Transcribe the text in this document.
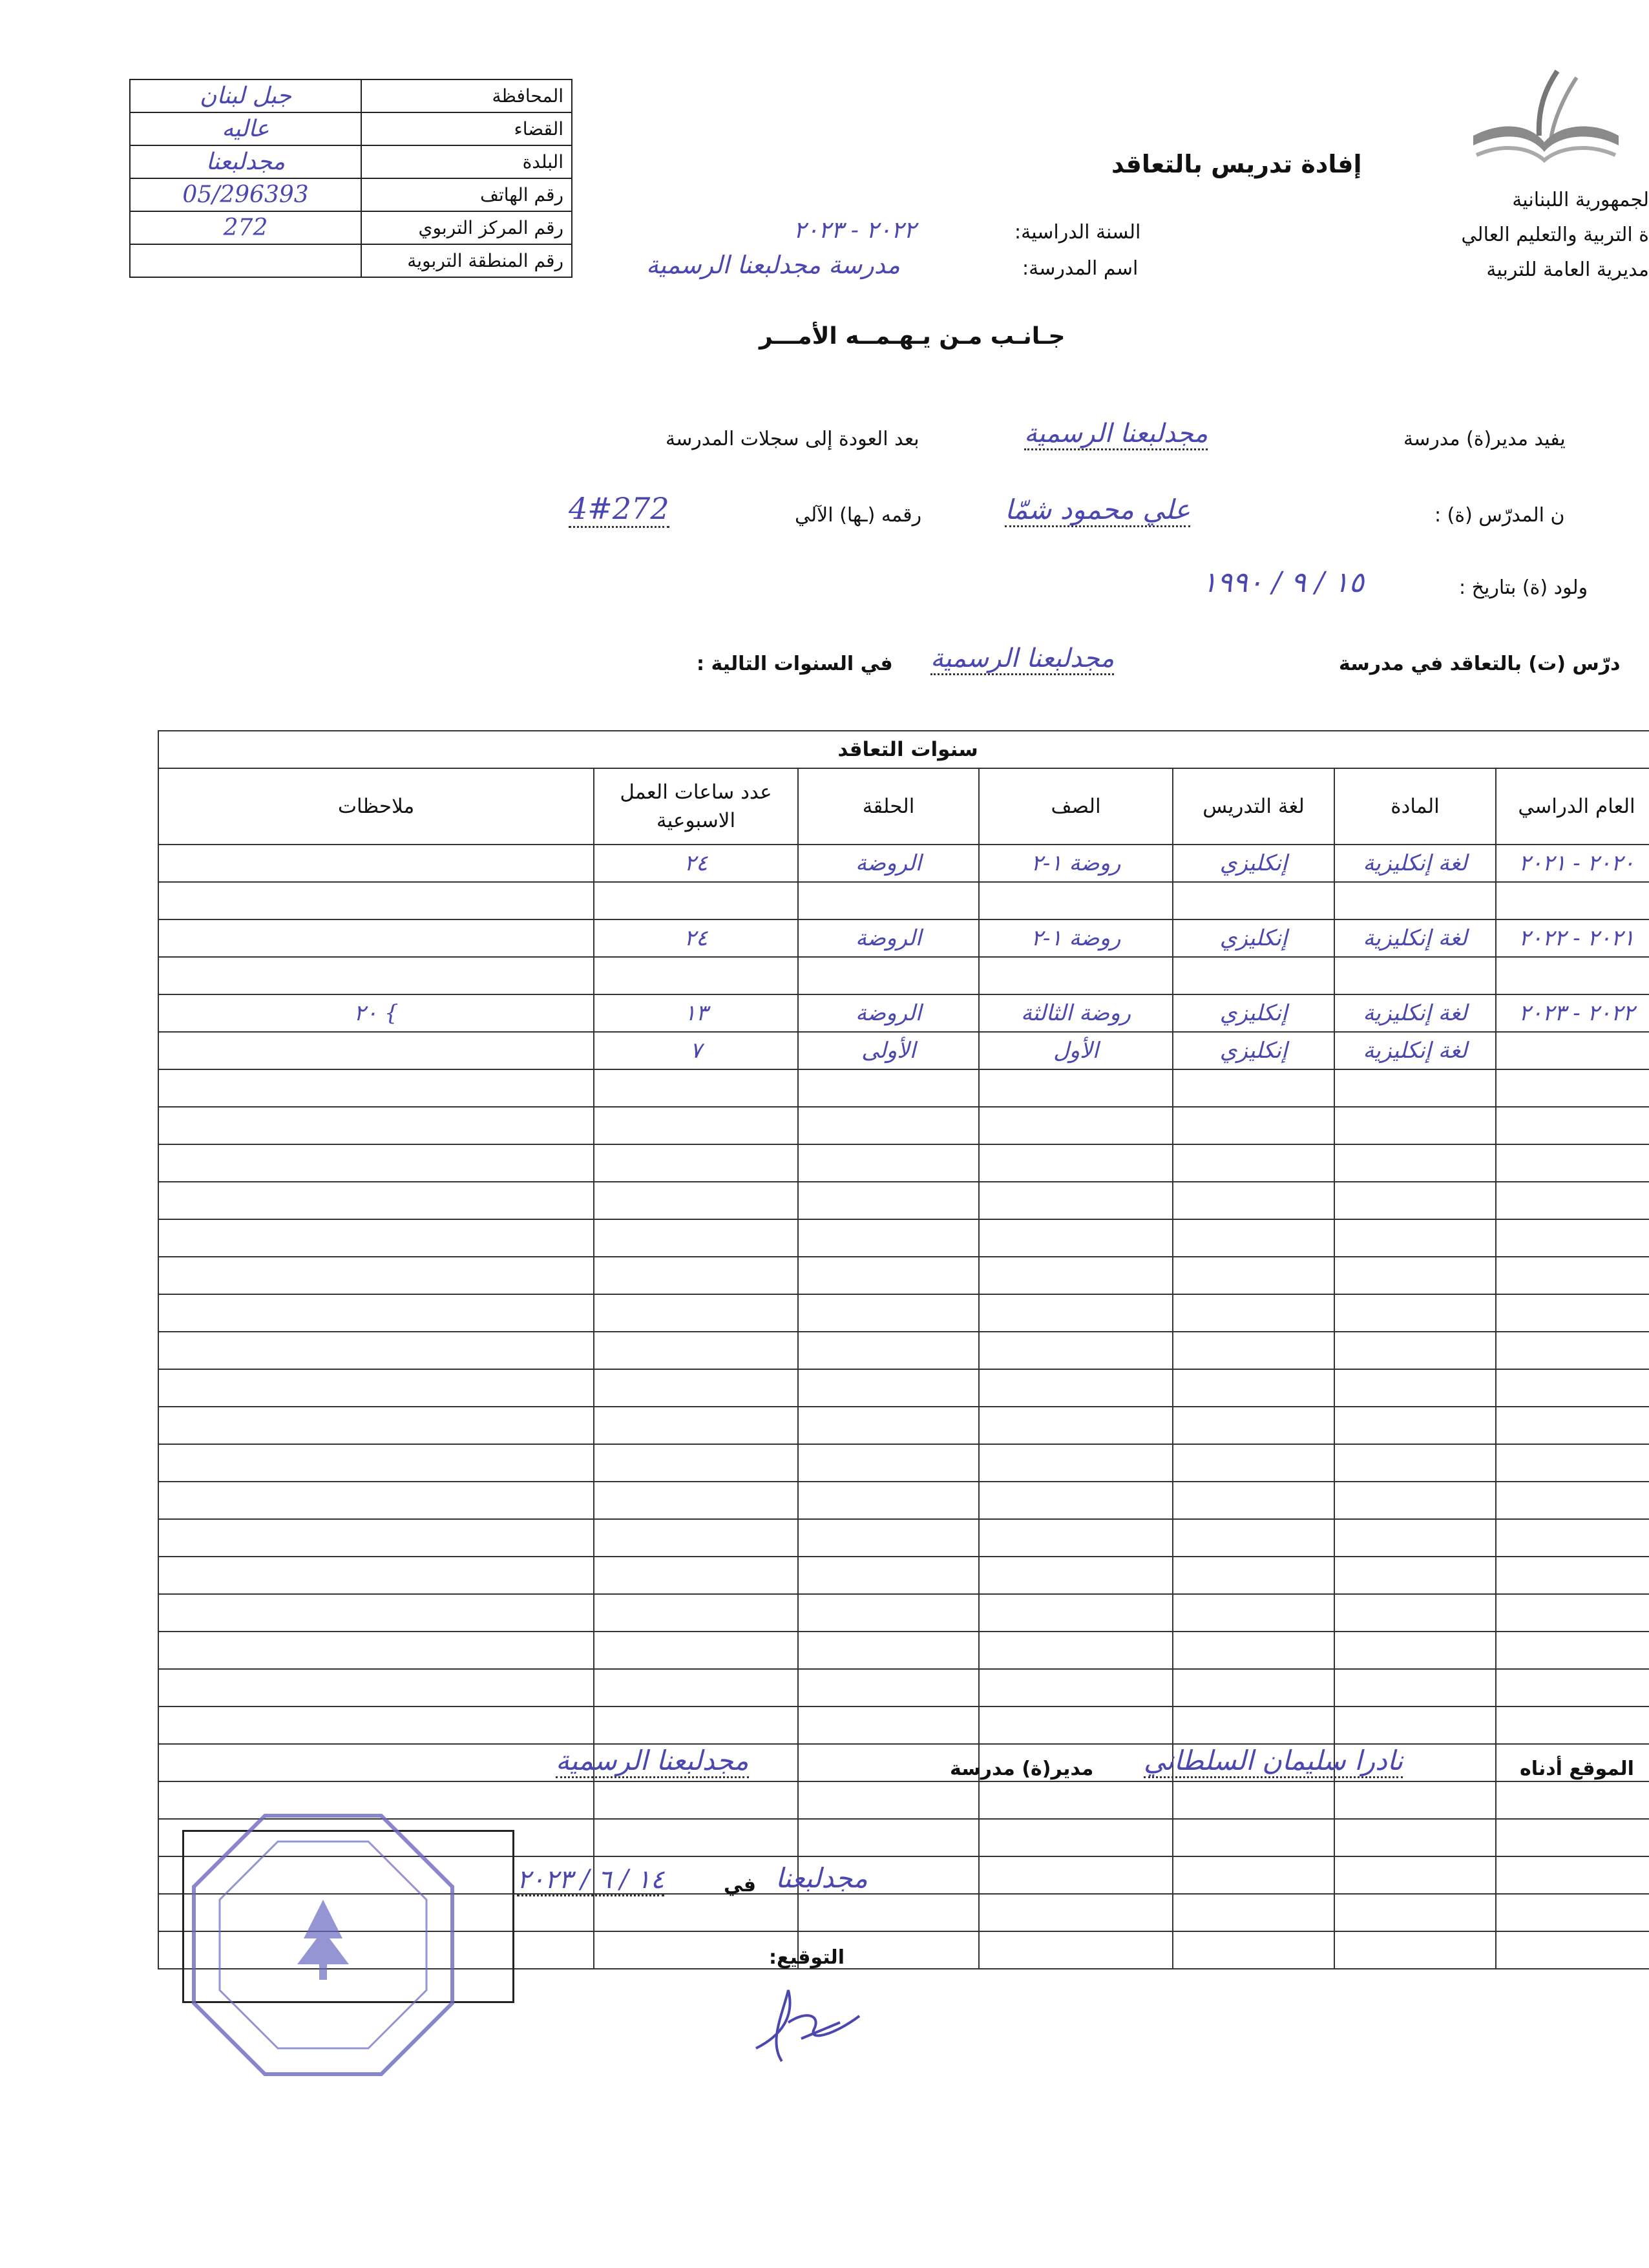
جبل لبنان	المحافظة
عاليه	القضاء
مجدلبعنا	البلدة
05/296393	رقم الهاتف
272	رقم المركز التربوي
	رقم المنطقة التربوية
لجمهورية اللبنانية
ة التربية والتعليم العالي
مديرية العامة للتربية
إفادة تدريس بالتعاقد
السنة الدراسية:
٢٠٢٢ - ٢٠٢٣
اسم المدرسة:
مدرسة مجدلبعنا الرسمية
جـانـب مـن يـهـمــه الأمـــر
يفيد مدير(ة) مدرسة
مجدلبعنا الرسمية
بعد العودة إلى سجلات المدرسة
ن المدرّس (ة) :
علي محمود شمّا
رقمه (ـها) الآلي
4#272
ولود (ة) بتاريخ :
١٥ / ٩ / ١٩٩٠
درّس (ت) بالتعاقد في مدرسة
مجدلبعنا الرسمية
في السنوات التالية :
سنوات التعاقد						
العام الدراسي	المادة	لغة التدريس	الصف	الحلقة	عدد ساعات العمل الاسبوعية	ملاحظات
٢٠٢٠ - ٢٠٢١	لغة إنكليزية	إنكليزي	روضة ١-٢	الروضة	٢٤	

٢٠٢١ - ٢٠٢٢	لغة إنكليزية	إنكليزي	روضة ١-٢	الروضة	٢٤	

٢٠٢٢ - ٢٠٢٣	لغة إنكليزية	إنكليزي	روضة الثالثة	الروضة	١٣	} ٢٠
	لغة إنكليزية	إنكليزي	الأول	الأولى	٧	

الموقع أدناه
نادرا سليمان السلطاني
مدير(ة) مدرسة
مجدلبعنا الرسمية
مجدلبعنا
في
١٤ / ٦ / ٢٠٢٣
التوقيع:
